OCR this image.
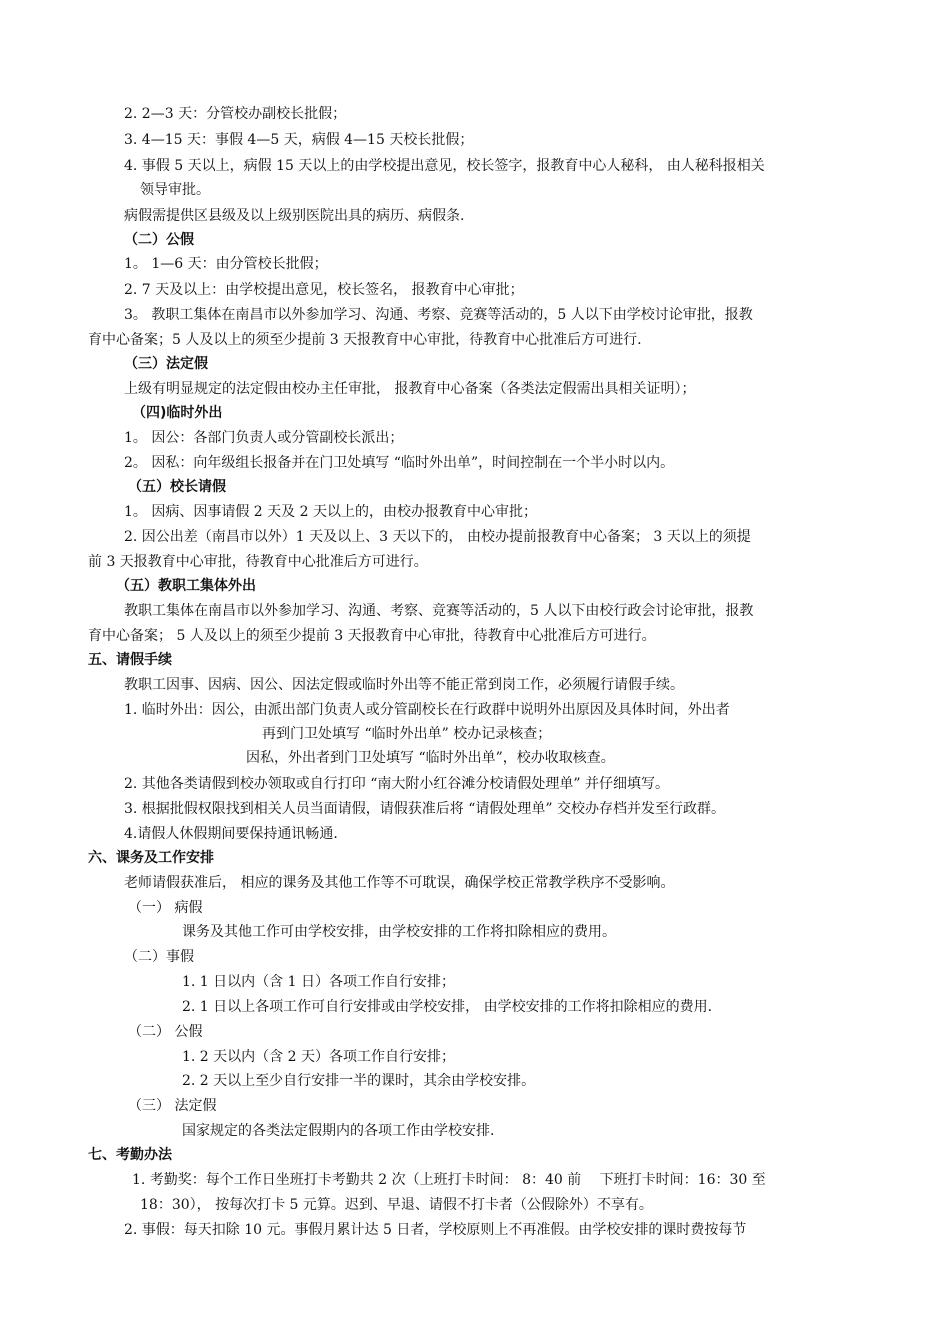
2. 2—3 天：分管校办副校长批假；
3. 4—15 天：事假 4—5 天，病假 4—15 天校长批假；
4. 事假 5 天以上，病假 15 天以上的由学校提出意见，校长签字，报教育中心人秘科， 由人秘科报相关
领导审批。
病假需提供区县级及以上级别医院出具的病历、病假条.
（二）公假
1。 1—6 天：由分管校长批假；
2. 7 天及以上：由学校提出意见，校长签名， 报教育中心审批；
3。 教职工集体在南昌市以外参加学习、沟通、考察、竞赛等活动的，5 人以下由学校讨论审批，报教
育中心备案；5 人及以上的须至少提前 3 天报教育中心审批，待教育中心批准后方可进行.
（三）法定假
上级有明显规定的法定假由校办主任审批， 报教育中心备案（各类法定假需出具相关证明）；
（四)临时外出
1。 因公：各部门负责人或分管副校长派出；
2。 因私：向年级组长报备并在门卫处填写 “临时外出单”，时间控制在一个半小时以内。
（五）校长请假
1。 因病、因事请假 2 天及 2 天以上的，由校办报教育中心审批；
2. 因公出差（南昌市以外）1 天及以上、3 天以下的， 由校办提前报教育中心备案； 3 天以上的须提
前 3 天报教育中心审批，待教育中心批准后方可进行。
（五）教职工集体外出
教职工集体在南昌市以外参加学习、沟通、考察、竞赛等活动的，5 人以下由校行政会讨论审批，报教
育中心备案； 5 人及以上的须至少提前 3 天报教育中心审批，待教育中心批准后方可进行。
五、请假手续
教职工因事、因病、因公、因法定假或临时外出等不能正常到岗工作，必须履行请假手续。
1. 临时外出：因公，由派出部门负责人或分管副校长在行政群中说明外出原因及具体时间，外出者
再到门卫处填写 “临时外出单” 校办记录核查；
因私，外出者到门卫处填写 “临时外出单”，校办收取核查。
2. 其他各类请假到校办领取或自行打印 “南大附小红谷滩分校请假处理单” 并仔细填写。
3. 根据批假权限找到相关人员当面请假，请假获准后将 “请假处理单” 交校办存档并发至行政群。
4.请假人休假期间要保持通讯畅通.
六、课务及工作安排
老师请假获准后， 相应的课务及其他工作等不可耽误，确保学校正常教学秩序不受影响。
（一） 病假
课务及其他工作可由学校安排，由学校安排的工作将扣除相应的费用。
（二）事假
1. 1 日以内（含 1 日）各项工作自行安排；
2. 1 日以上各项工作可自行安排或由学校安排， 由学校安排的工作将扣除相应的费用.
（二） 公假
1. 2 天以内（含 2 天）各项工作自行安排；
2. 2 天以上至少自行安排一半的课时，其余由学校安排。
（三） 法定假
国家规定的各类法定假期内的各项工作由学校安排.
七、考勤办法
1. 考勤奖：每个工作日坐班打卡考勤共 2 次（上班打卡时间： 8：40 前　 下班打卡时间：16：30 至
18：30）， 按每次打卡 5 元算。迟到、早退、请假不打卡者（公假除外）不享有。
2. 事假：每天扣除 10 元。事假月累计达 5 日者，学校原则上不再准假。由学校安排的课时费按每节
